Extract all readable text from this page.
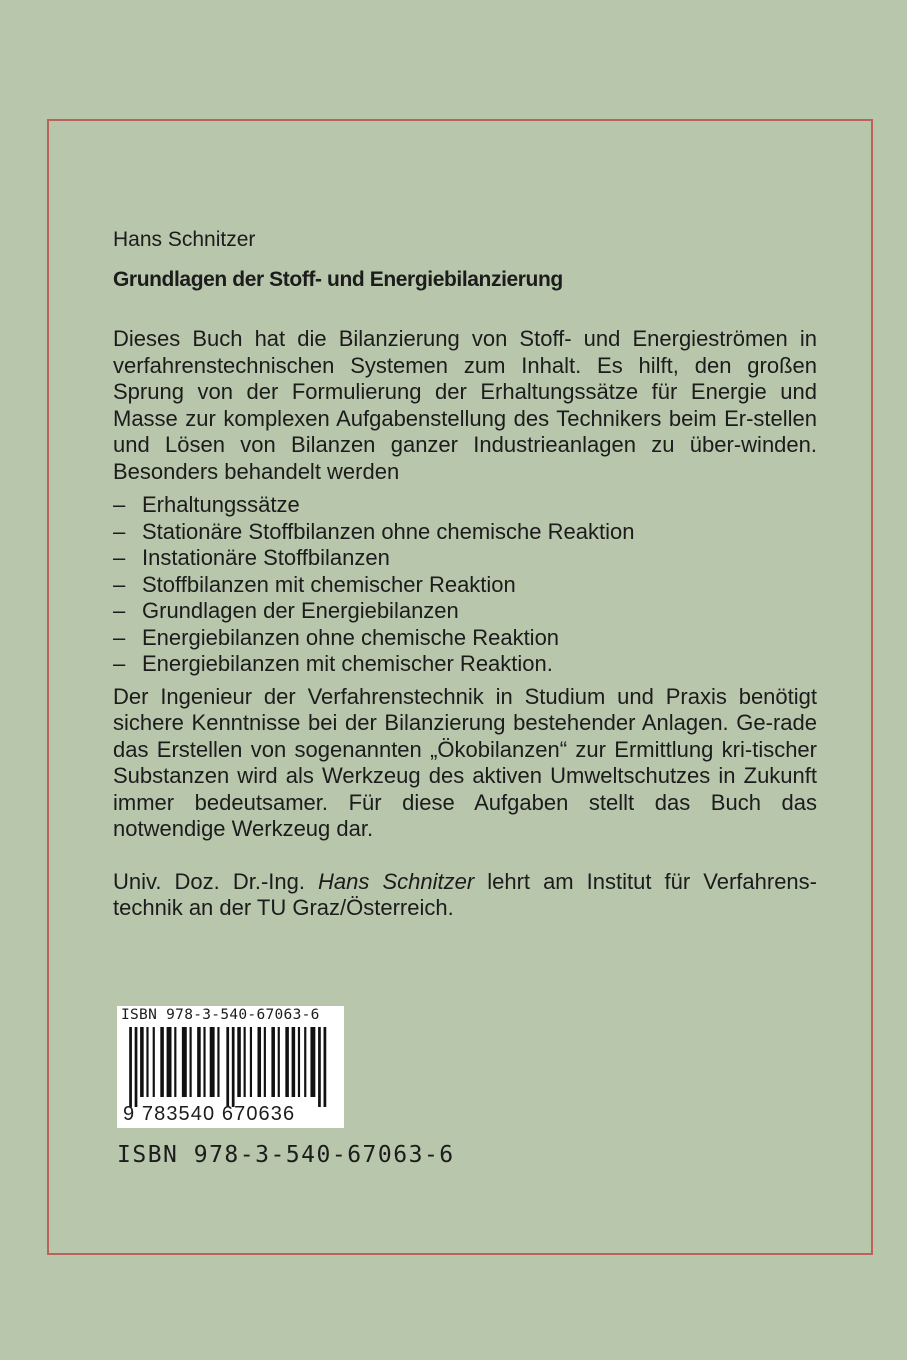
Hans Schnitzer

Grundlagen der Stoff- und Energiebilanzierung

Dieses Buch hat die Bilanzierung von Stoff- und Energieströmen in verfahrenstechnischen Systemen zum Inhalt. Es hilft, den großen Sprung von der Formulierung der Erhaltungssätze für Energie und Masse zur komplexen Aufgabenstellung des Technikers beim Er-stellen und Lösen von Bilanzen ganzer Industrieanlagen zu über-winden. Besonders behandelt werden

– Erhaltungssätze
– Stationäre Stoffbilanzen ohne chemische Reaktion
– Instationäre Stoffbilanzen
– Stoffbilanzen mit chemischer Reaktion
– Grundlagen der Energiebilanzen
– Energiebilanzen ohne chemische Reaktion
– Energiebilanzen mit chemischer Reaktion.

Der Ingenieur der Verfahrenstechnik in Studium und Praxis benötigt sichere Kenntnisse bei der Bilanzierung bestehender Anlagen. Ge-rade das Erstellen von sogenannten „Ökobilanzen“ zur Ermittlung kri-tischer Substanzen wird als Werkzeug des aktiven Umweltschutzes in Zukunft immer bedeutsamer. Für diese Aufgaben stellt das Buch das notwendige Werkzeug dar.

Univ. Doz. Dr.-Ing. Hans Schnitzer lehrt am Institut für Verfahrens-technik an der TU Graz/Österreich.

ISBN 978-3-540-67063-6
9 783540 670636
ISBN 978-3-540-67063-6
